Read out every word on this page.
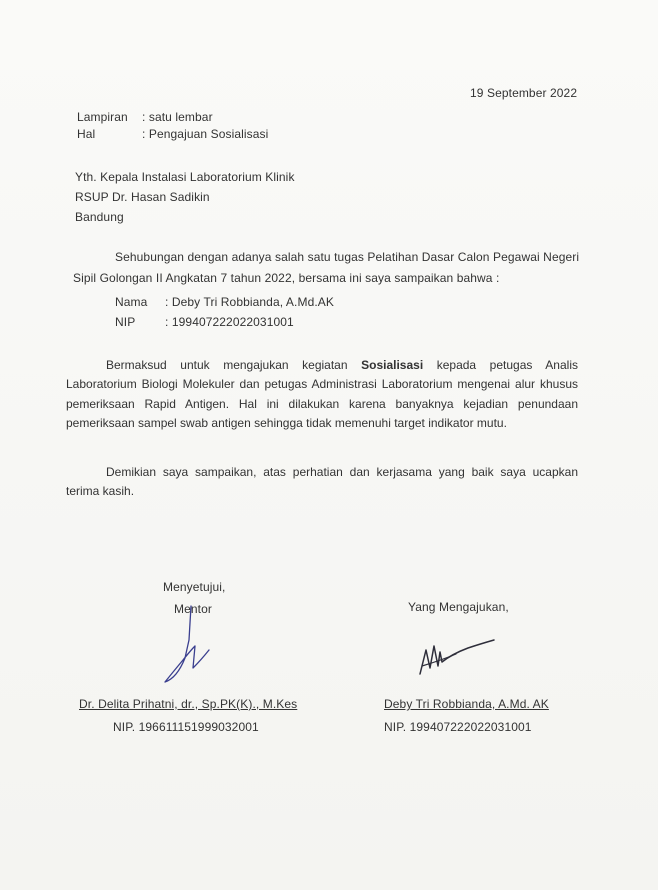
19 September 2022
Lampiran : satu lembar
Hal	: Pengajuan Sosialisasi
Yth. Kepala Instalasi Laboratorium Klinik
RSUP Dr. Hasan Sadikin
Bandung
Sehubungan dengan adanya salah satu tugas Pelatihan Dasar Calon Pegawai Negeri
Sipil Golongan II Angkatan 7 tahun 2022, bersama ini saya sampaikan bahwa :
Nama : Deby Tri Robbianda, A.Md.AK
NIP : 199407222022031001

Bermaksud untuk mengajukan kegiatan Sosialisasi kepada petugas Analis Laboratorium Biologi Molekuler dan petugas Administrasi Laboratorium mengenai alur khusus pemeriksaan Rapid Antigen. Hal ini dilakukan karena banyaknya kejadian penundaan pemeriksaan sampel swab antigen sehingga tidak memenuhi target indikator mutu.

Demikian saya sampaikan, atas perhatian dan kerjasama yang baik saya ucapkan terima kasih.

Menyetujui,
Mentor
Dr. Delita Prihatni, dr., Sp.PK(K)., M.Kes
NIP. 196611151999032001
Yang Mengajukan,
Deby Tri Robbianda, A.Md. AK
NIP. 199407222022031001
